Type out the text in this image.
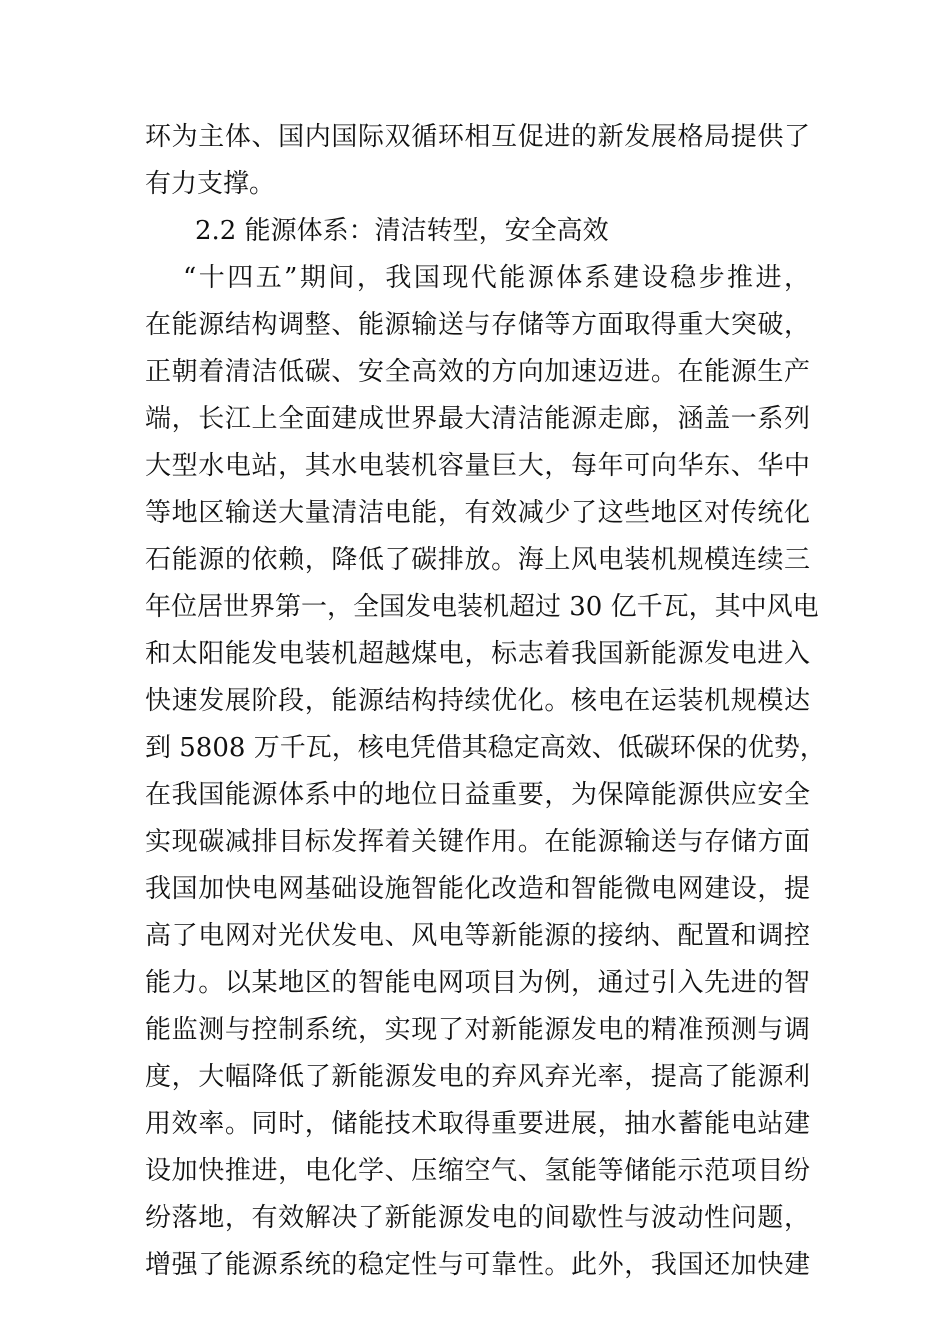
环为主体、国内国际双循环相互促进的新发展格局提供了
有力支撑。
2.2 能源体系：清洁转型，安全高效
“十四五”期间，我国现代能源体系建设稳步推进，
在能源结构调整、能源输送与存储等方面取得重大突破，
正朝着清洁低碳、安全高效的方向加速迈进。在能源生产
端，长江上全面建成世界最大清洁能源走廊，涵盖一系列
大型水电站，其水电装机容量巨大，每年可向华东、华中
等地区输送大量清洁电能，有效减少了这些地区对传统化
石能源的依赖，降低了碳排放。海上风电装机规模连续三
年位居世界第一，全国发电装机超过 30 亿千瓦，其中风电
和太阳能发电装机超越煤电，标志着我国新能源发电进入
快速发展阶段，能源结构持续优化。核电在运装机规模达
到 5808 万千瓦，核电凭借其稳定高效、低碳环保的优势，
在我国能源体系中的地位日益重要，为保障能源供应安全
实现碳减排目标发挥着关键作用。在能源输送与存储方面
我国加快电网基础设施智能化改造和智能微电网建设，提
高了电网对光伏发电、风电等新能源的接纳、配置和调控
能力。以某地区的智能电网项目为例，通过引入先进的智
能监测与控制系统，实现了对新能源发电的精准预测与调
度，大幅降低了新能源发电的弃风弃光率，提高了能源利
用效率。同时，储能技术取得重要进展，抽水蓄能电站建
设加快推进，电化学、压缩空气、氢能等储能示范项目纷
纷落地，有效解决了新能源发电的间歇性与波动性问题，
增强了能源系统的稳定性与可靠性。此外，我国还加快建
